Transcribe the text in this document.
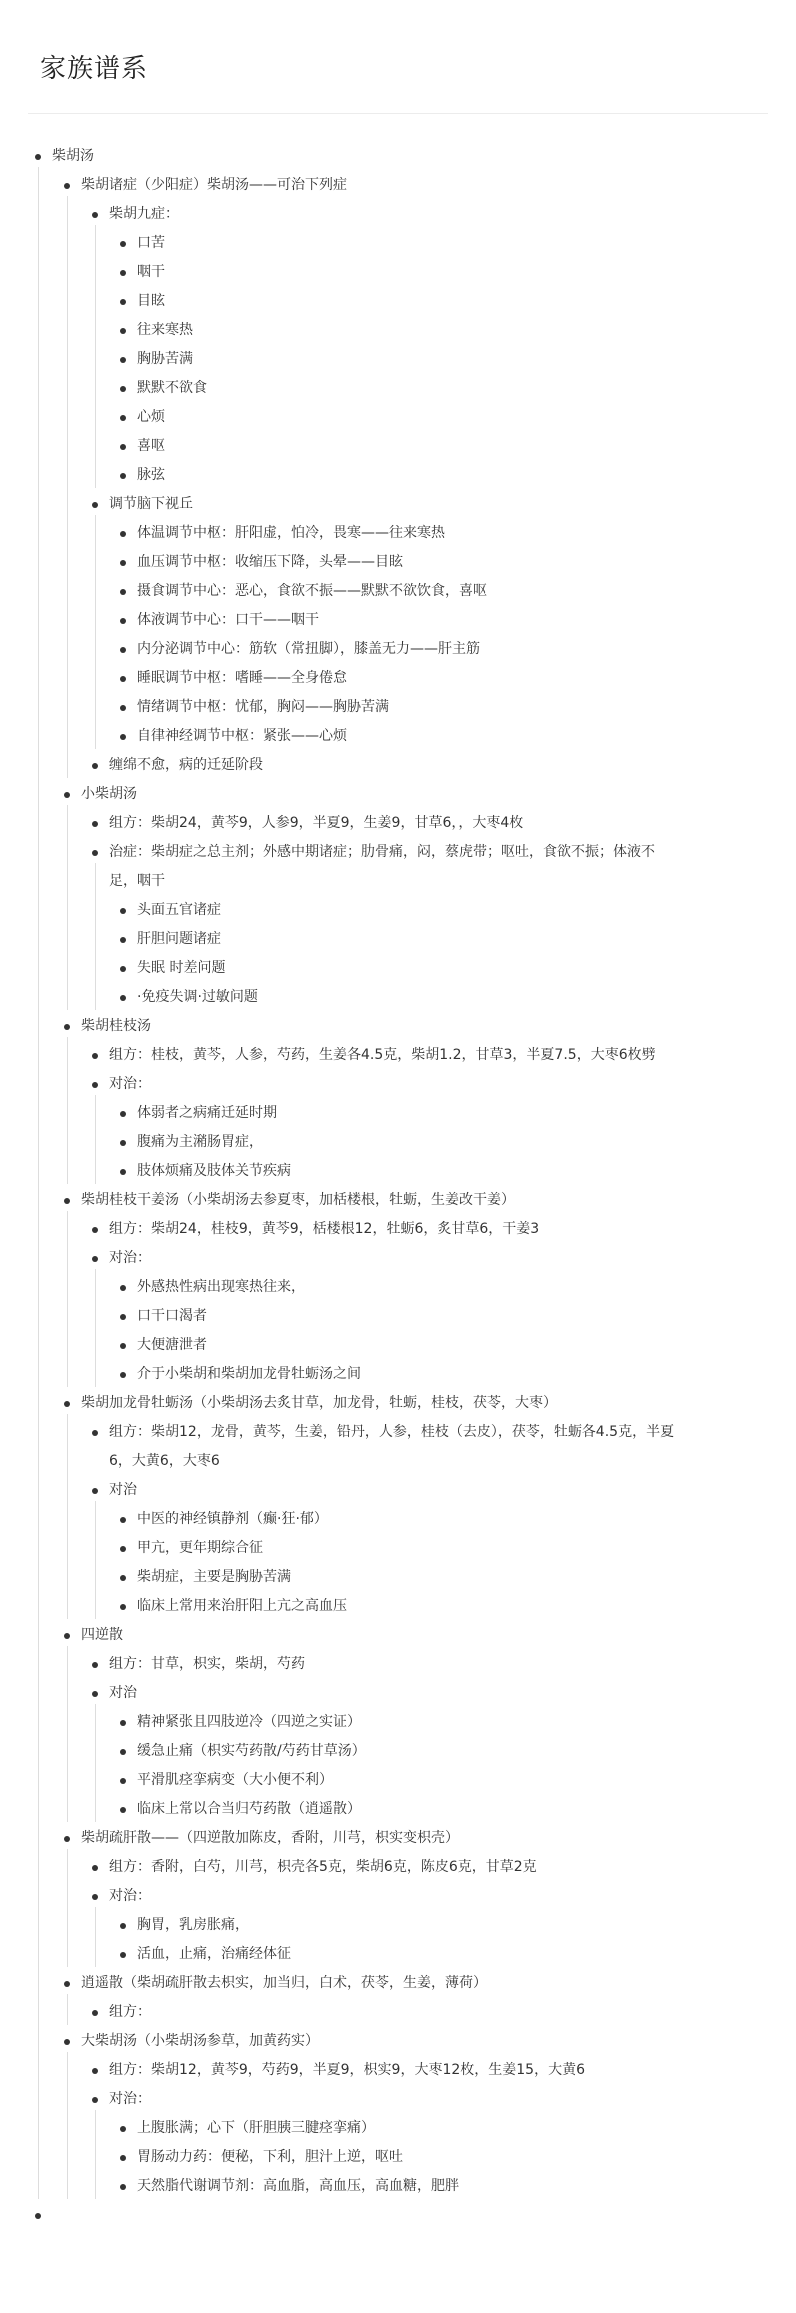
家族谱系
柴胡汤
柴胡诸症（少阳症）柴胡汤——可治下列症
柴胡九症：
口苦
咽干
目眩
往来寒热
胸胁苦满
默默不欲食
心烦
喜呕
脉弦
调节脑下视丘
体温调节中枢：肝阳虚，怕冷，畏寒——往来寒热
血压调节中枢：收缩压下降，头晕——目眩
摄食调节中心：恶心，食欲不振——默默不欲饮食，喜呕
体液调节中心：口干——咽干
内分泌调节中心：筋软（常扭脚），膝盖无力——肝主筋
睡眠调节中枢：嗜睡——全身倦怠
情绪调节中枢：忧郁，胸闷——胸胁苦满
自律神经调节中枢：紧张——心烦
缠绵不愈，病的迁延阶段
小柴胡汤
组方：柴胡24，黄芩9，人参9，半夏9，生姜9，甘草6，，大枣4枚
治症：柴胡症之总主剂；外感中期诸症；肋骨痛，闷，蔡虎带；呕吐，食欲不振；体液不
足，咽干
头面五官诸症
肝胆问题诸症
失眠 时差问题
·免疫失调·过敏问题
柴胡桂枝汤
组方：桂枝，黄芩，人参，芍药，生姜各4.5克，柴胡1.2，甘草3，半夏7.5，大枣6枚劈
对治：
体弱者之病痛迁延时期
腹痛为主潲肠胃症，
肢体烦痛及肢体关节疾病
柴胡桂枝干姜汤（小柴胡汤去参夏枣，加栝楼根，牡蛎，生姜改干姜）
组方：柴胡24，桂枝9，黄芩9，栝楼根12，牡蛎6，炙甘草6，干姜3
对治：
外感热性病出现寒热往来，
口干口渴者
大便溏泄者
介于小柴胡和柴胡加龙骨牡蛎汤之间
柴胡加龙骨牡蛎汤（小柴胡汤去炙甘草，加龙骨，牡蛎，桂枝，茯苓，大枣）
组方：柴胡12，龙骨，黄芩，生姜，铅丹，人参，桂枝（去皮），茯苓，牡蛎各4.5克，半夏
6，大黄6，大枣6
对治
中医的神经镇静剂（癫·狂·郁）
甲亢，更年期综合征
柴胡症，主要是胸胁苦满
临床上常用来治肝阳上亢之高血压
四逆散
组方：甘草，枳实，柴胡，芍药
对治
精神紧张且四肢逆冷（四逆之实证）
缓急止痛（枳实芍药散/芍药甘草汤）
平滑肌痉挛病变（大小便不利）
临床上常以合当归芍药散（逍遥散）
柴胡疏肝散——（四逆散加陈皮，香附，川芎，枳实变枳壳）
组方：香附，白芍，川芎，枳壳各5克，柴胡6克，陈皮6克，甘草2克
对治：
胸胃，乳房胀痛，
活血，止痛，治痛经体征
逍遥散（柴胡疏肝散去枳实，加当归，白术，茯苓，生姜，薄荷）
组方：
大柴胡汤（小柴胡汤参草，加黄药实）
组方：柴胡12，黄芩9，芍药9，半夏9，枳实9，大枣12枚，生姜15，大黄6
对治：
上腹胀满；心下（肝胆胰三腱痉挛痛）
胃肠动力药：便秘，下利，胆汁上逆，呕吐
天然脂代谢调节剂：高血脂，高血压，高血糖，肥胖
